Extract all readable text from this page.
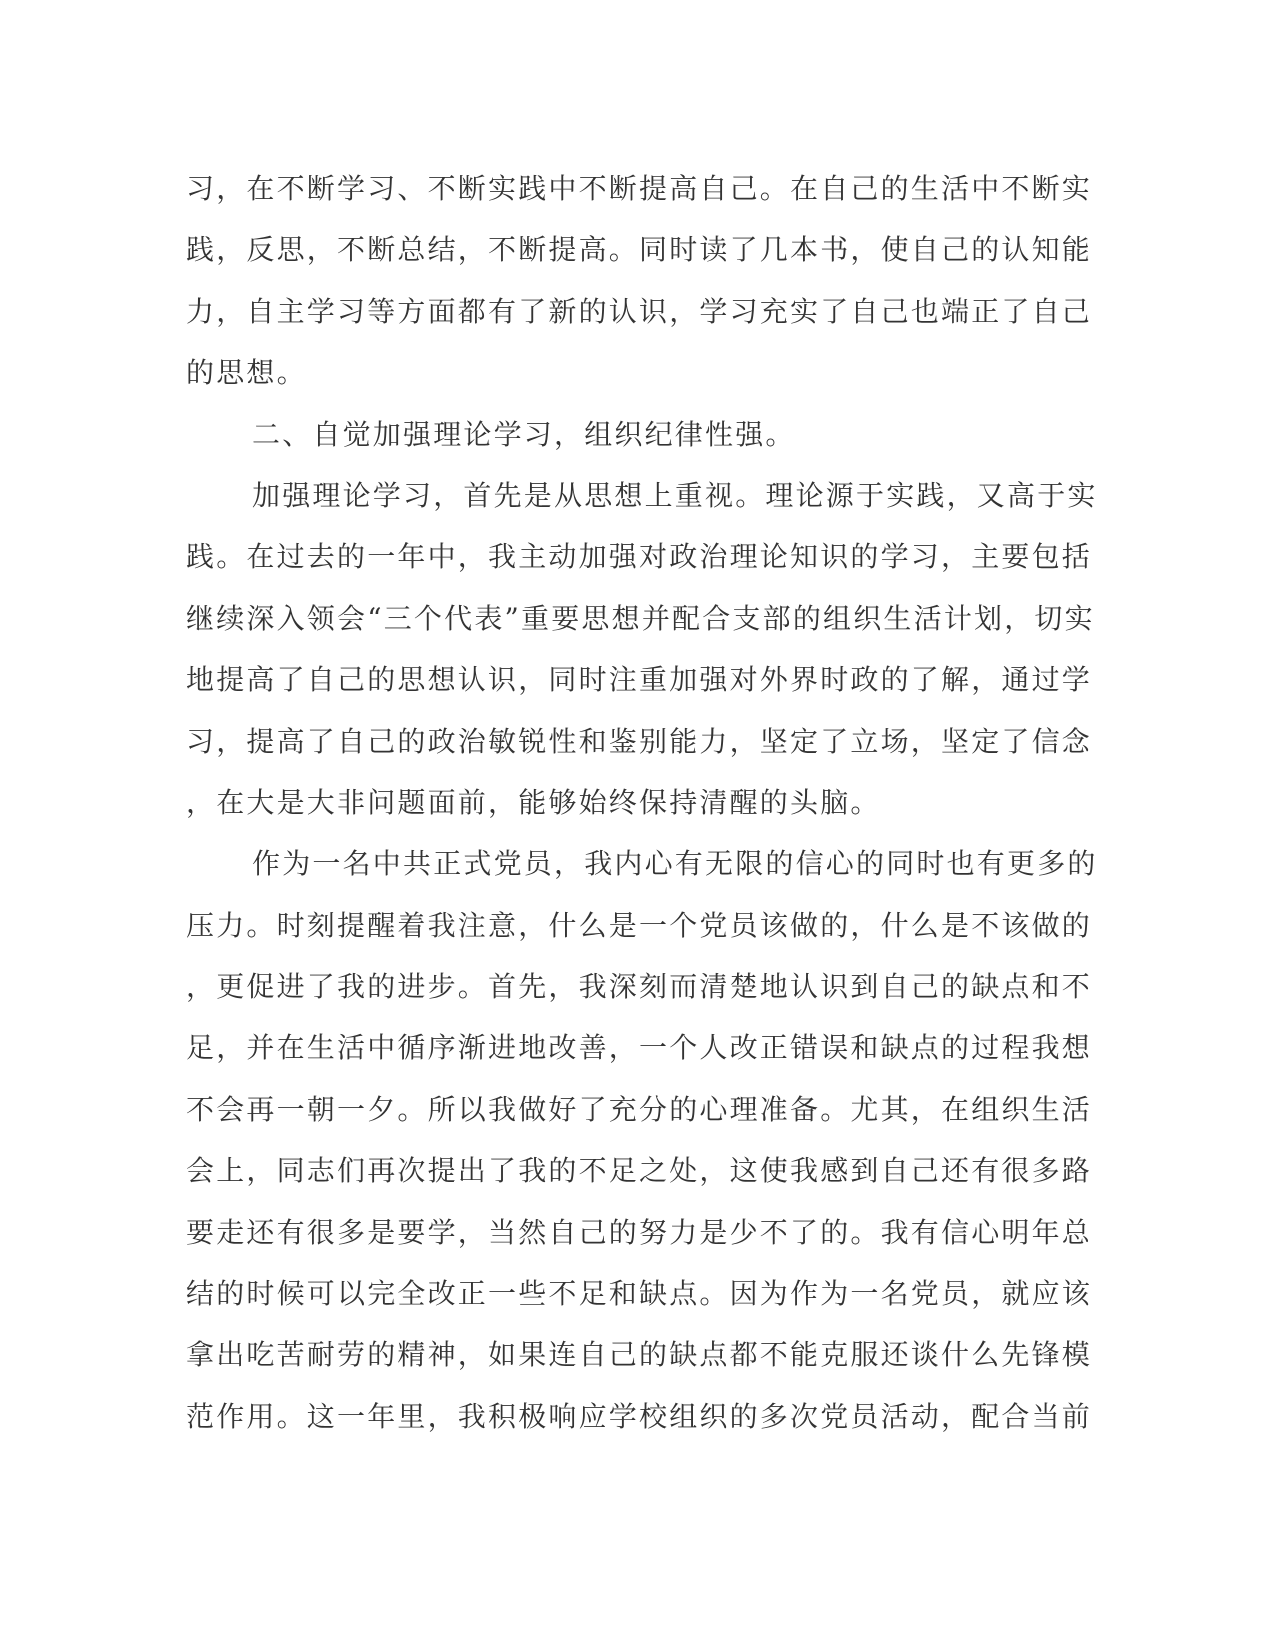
习，在不断学习、不断实践中不断提高自己。在自己的生活中不断实
践，反思，不断总结，不断提高。同时读了几本书，使自己的认知能
力，自主学习等方面都有了新的认识，学习充实了自己也端正了自己
的思想。
二、自觉加强理论学习，组织纪律性强。
加强理论学习，首先是从思想上重视。理论源于实践，又高于实
践。在过去的一年中，我主动加强对政治理论知识的学习，主要包括
继续深入领会“三个代表”重要思想并配合支部的组织生活计划，切实
地提高了自己的思想认识，同时注重加强对外界时政的了解，通过学
习，提高了自己的政治敏锐性和鉴别能力，坚定了立场，坚定了信念
，在大是大非问题面前，能够始终保持清醒的头脑。
作为一名中共正式党员，我内心有无限的信心的同时也有更多的
压力。时刻提醒着我注意，什么是一个党员该做的，什么是不该做的
，更促进了我的进步。首先，我深刻而清楚地认识到自己的缺点和不
足，并在生活中循序渐进地改善，一个人改正错误和缺点的过程我想
不会再一朝一夕。所以我做好了充分的心理准备。尤其，在组织生活
会上，同志们再次提出了我的不足之处，这使我感到自己还有很多路
要走还有很多是要学，当然自己的努力是少不了的。我有信心明年总
结的时候可以完全改正一些不足和缺点。因为作为一名党员，就应该
拿出吃苦耐劳的精神，如果连自己的缺点都不能克服还谈什么先锋模
范作用。这一年里，我积极响应学校组织的多次党员活动，配合当前
